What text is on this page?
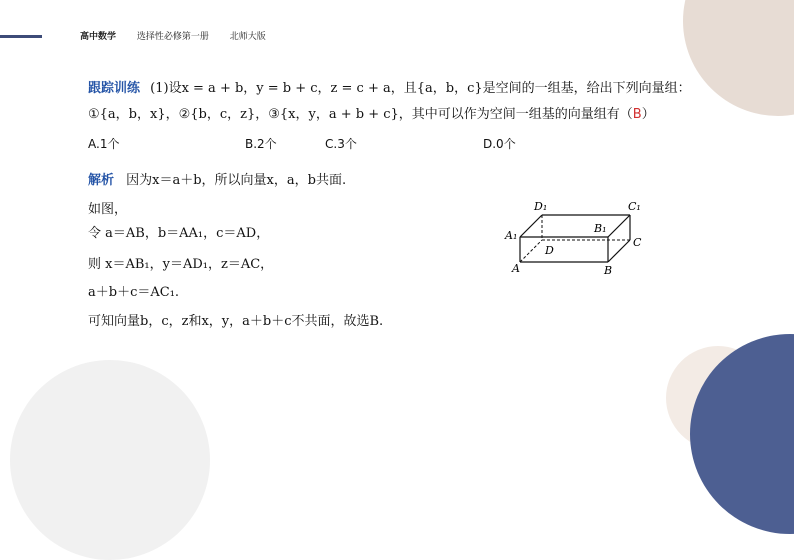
高中数学 选择性必修第一册 北师大版
跟踪训练 (1)设x = a + b，y = b + c，z = c + a，且{a，b，c}是空间的一组基，给出下列向量组：
①{a，b，x}，②{b，c，z}，③{x，y，a + b + c}，其中可以作为空间一组基的向量组有（B）
A.1个	B.2个	C.3个	D.0个
解析 因为x＝a＋b，所以向量x，a，b共面.
如图，
令 a＝AB，b＝AA₁，c＝AD，
则 x＝AB₁，y＝AD₁，z＝AC，
a＋b＋c＝AC₁.
可知向量b，c，z和x，y，a＋b＋c不共面，故选B.
D₁	C₁
B₁
A₁
D
C
A	B
